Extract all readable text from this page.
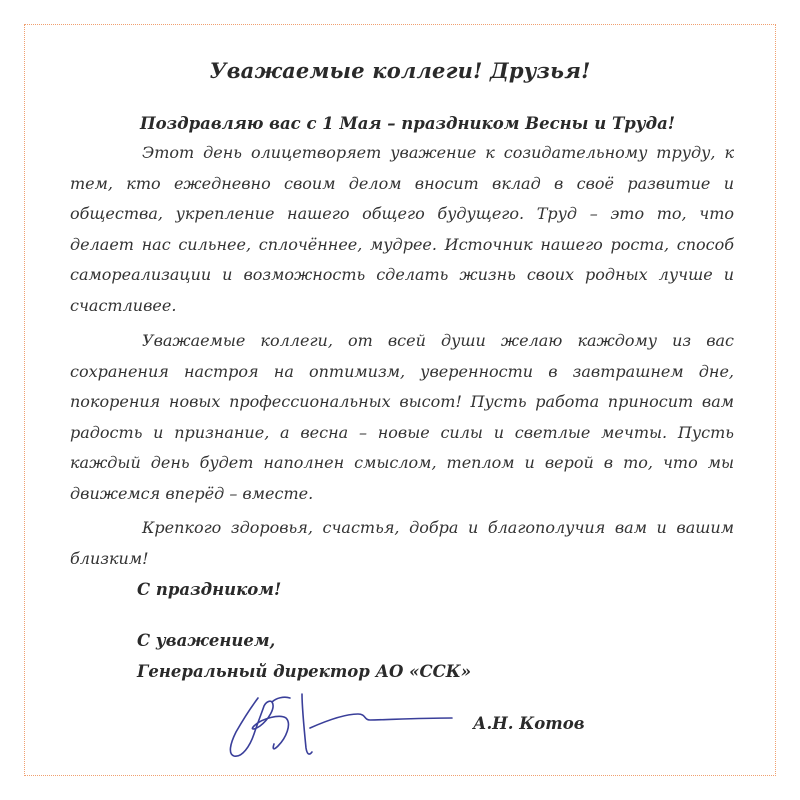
Уважаемые коллеги! Друзья!
Поздравляю вас с 1 Мая – праздником Весны и Труда!

Этот день олицетворяет уважение к созидательному труду, к тем, кто ежедневно своим делом вносит вклад в своё развитие и общества, укрепление нашего общего будущего. Труд – это то, что делает нас сильнее, сплочённее, мудрее. Источник нашего роста, способ самореализации и возможность сделать жизнь своих родных лучше и счастливее.

Уважаемые коллеги, от всей души желаю каждому из вас сохранения настроя на оптимизм, уверенности в завтрашнем дне, покорения новых профессиональных высот! Пусть работа приносит вам радость и признание, а весна – новые силы и светлые мечты. Пусть каждый день будет наполнен смыслом, теплом и верой в то, что мы движемся вперёд – вместе.

Крепкого здоровья, счастья, добра и благополучия вам и вашим близким!

С праздником!
С уважением,
Генеральный директор АО «ССК»
А.Н. Котов
